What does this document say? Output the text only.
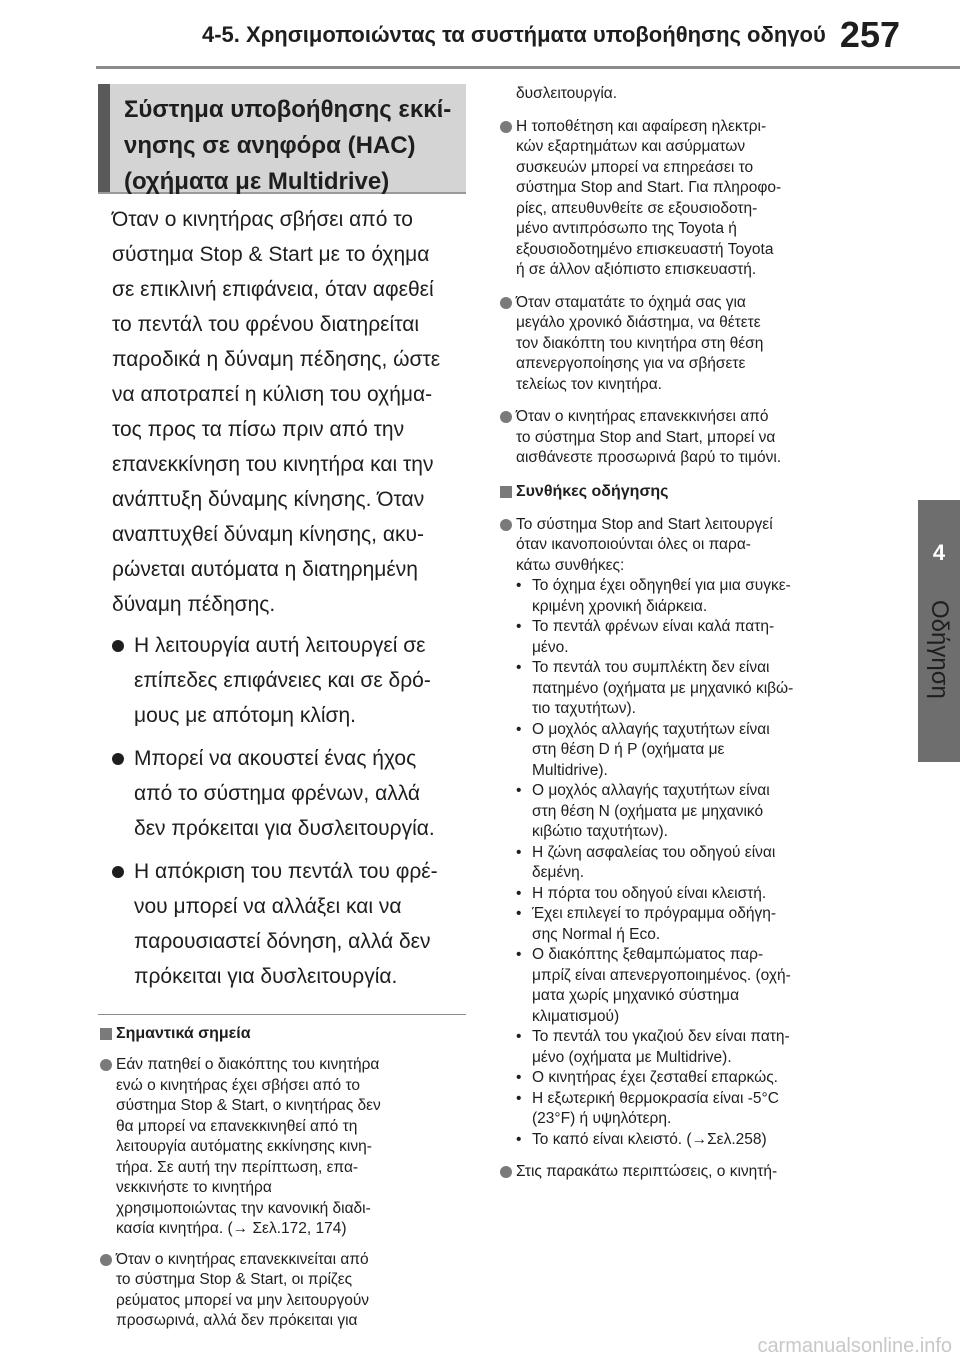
4-5. Χρησιμοποιώντας τα συστήματα υποβοήθησης οδηγού 257
4
Οδήγηση

Σύστημα υποβοήθησης εκκί-

νησης σε ανηφόρα (HAC)

(οχήματα με Multidrive)

Όταν ο κινητήρας σβήσει από το
σύστημα Stop & Start με το όχημα
σε επικλινή επιφάνεια, όταν αφεθεί
το πεντάλ του φρένου διατηρείται
παροδικά η δύναμη πέδησης, ώστε
να αποτραπεί η κύλιση του οχήμα-
τος προς τα πίσω πριν από την
επανεκκίνηση του κινητήρα και την
ανάπτυξη δύναμης κίνησης. Όταν
αναπτυχθεί δύναμη κίνησης, ακυ-
ρώνεται αυτόματα η διατηρημένη
δύναμη πέδησης.
Η λειτουργία αυτή λειτουργεί σε
επίπεδες επιφάνειες και σε δρό-
μους με απότομη κλίση.
Μπορεί να ακουστεί ένας ήχος
από το σύστημα φρένων, αλλά
δεν πρόκειται για δυσλειτουργία.
Η απόκριση του πεντάλ του φρέ-
νου μπορεί να αλλάξει και να
παρουσιαστεί δόνηση, αλλά δεν
πρόκειται για δυσλειτουργία.
Σημαντικά σημεία
Εάν πατηθεί ο διακόπτης του κινητήρα
ενώ ο κινητήρας έχει σβήσει από το
σύστημα Stop & Start, ο κινητήρας δεν
θα μπορεί να επανεκκινηθεί από τη
λειτουργία αυτόματης εκκίνησης κινη-
τήρα. Σε αυτή την περίπτωση, επα-
νεκκινήστε το κινητήρα
χρησιμοποιώντας την κανονική διαδι-
κασία κινητήρα. (→ Σελ.172, 174)
Όταν ο κινητήρας επανεκκινείται από
το σύστημα Stop & Start, οι πρίζες
ρεύματος μπορεί να μην λειτουργούν
προσωρινά, αλλά δεν πρόκειται για
δυσλειτουργία.
Η τοποθέτηση και αφαίρεση ηλεκτρι-
κών εξαρτημάτων και ασύρματων
συσκευών μπορεί να επηρεάσει το
σύστημα Stop and Start. Για πληροφο-
ρίες, απευθυνθείτε σε εξουσιοδοτη-
μένο αντιπρόσωπο της Toyota ή
εξουσιοδοτημένο επισκευαστή Toyota
ή σε άλλον αξιόπιστο επισκευαστή.
Όταν σταματάτε το όχημά σας για
μεγάλο χρονικό διάστημα, να θέτετε
τον διακόπτη του κινητήρα στη θέση
απενεργοποίησης για να σβήσετε
τελείως τον κινητήρα.
Όταν ο κινητήρας επανεκκινήσει από
το σύστημα Stop and Start, μπορεί να
αισθάνεστε προσωρινά βαρύ το τιμόνι.
Συνθήκες οδήγησης
Το σύστημα Stop and Start λειτουργεί
όταν ικανοποιούνται όλες οι παρα-
κάτω συνθήκες:
• Το όχημα έχει οδηγηθεί για μια συγκε-
κριμένη χρονική διάρκεια.
• Το πεντάλ φρένων είναι καλά πατη-
μένο.
• Το πεντάλ του συμπλέκτη δεν είναι
πατημένο (οχήματα με μηχανικό κιβώ-
τιο ταχυτήτων).
• Ο μοχλός αλλαγής ταχυτήτων είναι
στη θέση D ή P (οχήματα με
Multidrive).
• Ο μοχλός αλλαγής ταχυτήτων είναι
στη θέση N (οχήματα με μηχανικό
κιβώτιο ταχυτήτων).
• Η ζώνη ασφαλείας του οδηγού είναι
δεμένη.
• Η πόρτα του οδηγού είναι κλειστή.
• Έχει επιλεγεί το πρόγραμμα οδήγη-
σης Normal ή Eco.
• Ο διακόπτης ξεθαμπώματος παρ-
μπρίζ είναι απενεργοποιημένος. (οχή-
ματα χωρίς μηχανικό σύστημα
κλιματισμού)
• Το πεντάλ του γκαζιού δεν είναι πατη-
μένο (οχήματα με Multidrive).
• Ο κινητήρας έχει ζεσταθεί επαρκώς.
• Η εξωτερική θερμοκρασία είναι -5°C
(23°F) ή υψηλότερη.
• Το καπό είναι κλειστό. (→Σελ.258)
Στις παρακάτω περιπτώσεις, ο κινητή-
carmanualsonline.info
